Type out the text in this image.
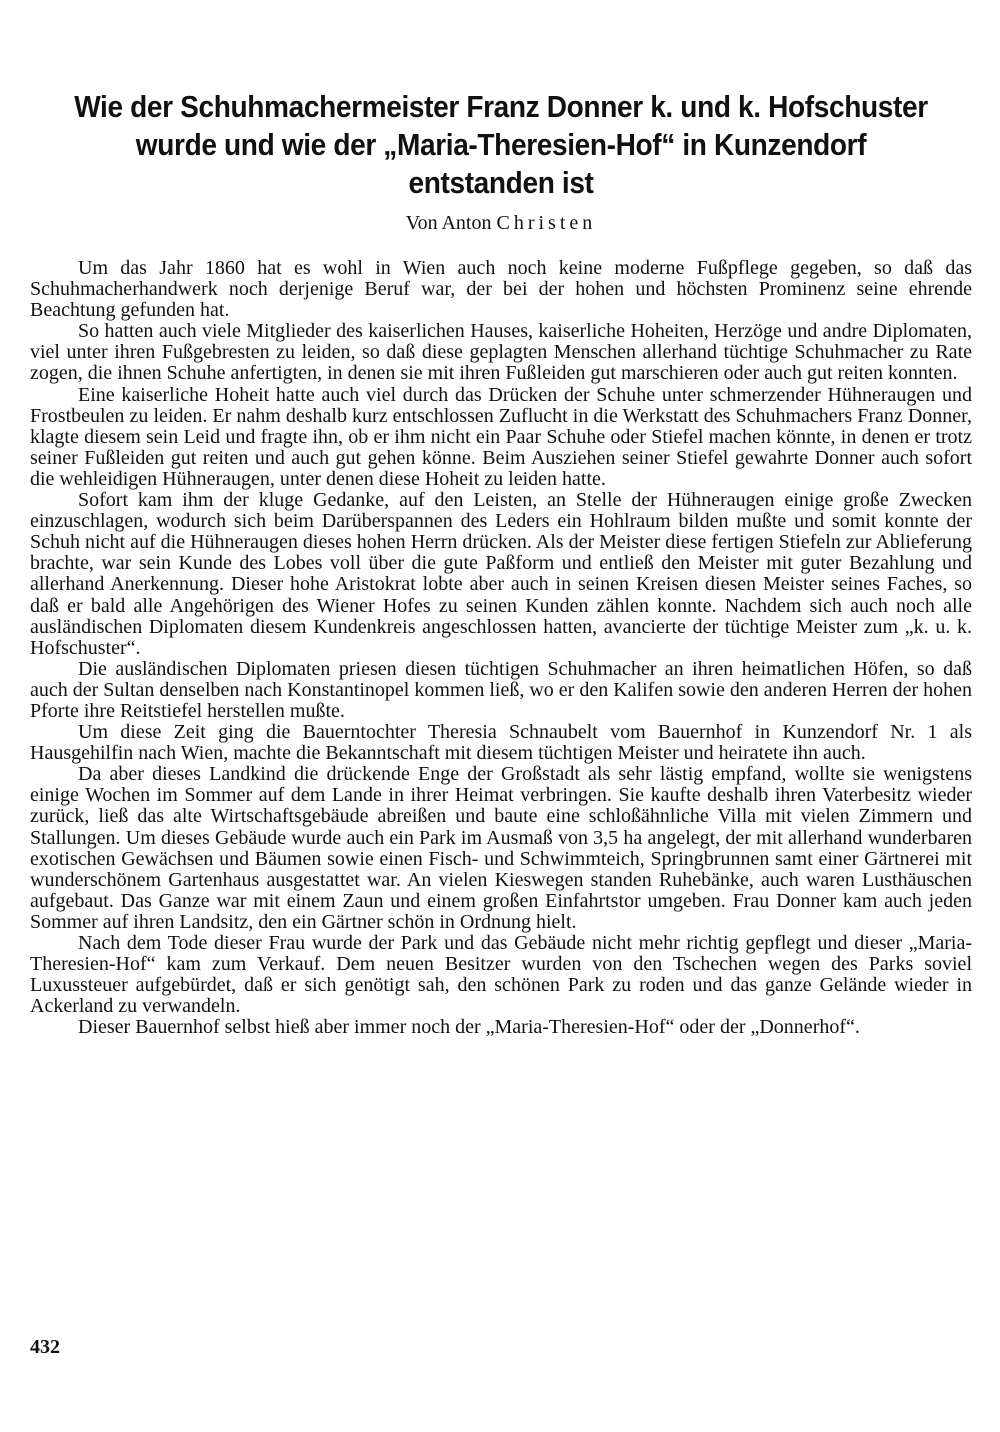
Wie der Schuhmachermeister Franz Donner k. und k. Hofschuster
wurde und wie der „Maria-Theresien-Hof“ in Kunzendorf
entstanden ist
Von Anton Christen

Um das Jahr 1860 hat es wohl in Wien auch noch keine moderne Fußpflege gegeben, so daß das Schuhmacherhandwerk noch derjenige Beruf war, der bei der hohen und höchsten Prominenz seine ehrende Beachtung gefunden hat.

So hatten auch viele Mitglieder des kaiserlichen Hauses, kaiserliche Hoheiten, Herzöge und andre Diplomaten, viel unter ihren Fußgebresten zu leiden, so daß diese geplagten Menschen allerhand tüchtige Schuhmacher zu Rate zogen, die ihnen Schuhe anfertigten, in denen sie mit ihren Fußleiden gut marschieren oder auch gut reiten konnten.

Eine kaiserliche Hoheit hatte auch viel durch das Drücken der Schuhe unter schmerzender Hühneraugen und Frostbeulen zu leiden. Er nahm deshalb kurz entschlossen Zuflucht in die Werkstatt des Schuhmachers Franz Donner, klagte diesem sein Leid und fragte ihn, ob er ihm nicht ein Paar Schuhe oder Stiefel machen könnte, in denen er trotz seiner Fußleiden gut reiten und auch gut gehen könne. Beim Ausziehen seiner Stiefel gewahrte Donner auch sofort die wehleidigen Hühneraugen, unter denen diese Hoheit zu leiden hatte.

Sofort kam ihm der kluge Gedanke, auf den Leisten, an Stelle der Hühneraugen einige große Zwecken einzuschlagen, wodurch sich beim Darüberspannen des Leders ein Hohlraum bilden mußte und somit konnte der Schuh nicht auf die Hühneraugen dieses hohen Herrn drücken. Als der Meister diese fertigen Stiefeln zur Ablieferung brachte, war sein Kunde des Lobes voll über die gute Paßform und entließ den Meister mit guter Bezahlung und allerhand Anerkennung. Dieser hohe Aristokrat lobte aber auch in seinen Kreisen diesen Meister seines Faches, so daß er bald alle Angehörigen des Wiener Hofes zu seinen Kunden zählen konnte. Nachdem sich auch noch alle ausländischen Diplomaten diesem Kundenkreis angeschlossen hatten, avancierte der tüchtige Meister zum „k. u. k. Hofschuster“.

Die ausländischen Diplomaten priesen diesen tüchtigen Schuhmacher an ihren heimatlichen Höfen, so daß auch der Sultan denselben nach Konstantinopel kommen ließ, wo er den Kalifen sowie den anderen Herren der hohen Pforte ihre Reitstiefel herstellen mußte.

Um diese Zeit ging die Bauerntochter Theresia Schnaubelt vom Bauernhof in Kunzendorf Nr. 1 als Hausgehilfin nach Wien, machte die Bekanntschaft mit diesem tüchtigen Meister und heiratete ihn auch.

Da aber dieses Landkind die drückende Enge der Großstadt als sehr lästig empfand, wollte sie wenigstens einige Wochen im Sommer auf dem Lande in ihrer Heimat verbringen. Sie kaufte deshalb ihren Vaterbesitz wieder zurück, ließ das alte Wirtschaftsgebäude abreißen und baute eine schloßähnliche Villa mit vielen Zimmern und Stallungen. Um dieses Gebäude wurde auch ein Park im Ausmaß von 3,5 ha angelegt, der mit allerhand wunderbaren exotischen Gewächsen und Bäumen sowie einen Fisch- und Schwimmteich, Springbrunnen samt einer Gärtnerei mit wunderschönem Gartenhaus ausgestattet war. An vielen Kieswegen standen Ruhebänke, auch waren Lusthäuschen aufgebaut. Das Ganze war mit einem Zaun und einem großen Einfahrtstor umgeben. Frau Donner kam auch jeden Sommer auf ihren Landsitz, den ein Gärtner schön in Ordnung hielt.

Nach dem Tode dieser Frau wurde der Park und das Gebäude nicht mehr richtig gepflegt und dieser „Maria-Theresien-Hof“ kam zum Verkauf. Dem neuen Besitzer wurden von den Tschechen wegen des Parks soviel Luxussteuer aufgebürdet, daß er sich genötigt sah, den schönen Park zu roden und das ganze Gelände wieder in Ackerland zu verwandeln.

Dieser Bauernhof selbst hieß aber immer noch der „Maria-Theresien-Hof“ oder der „Donnerhof“.

432
